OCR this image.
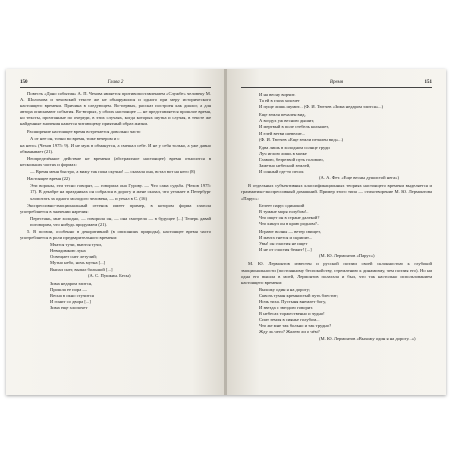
150	Глава 2

Повесть «Дано события» А. П. Чехова является противопоставлением «Службе» человеку М. А. Шолохова и чеховский тексте же не обнаружился и одного при меру исторического настоящего времени. Причина в следующем. Во-первых, рассказ построен как диалог, а для автора описывают события. Во-вторых, у обоих настоящее — не представляется прошлое время, но тексты, прочтанные по очереди, в этих случаях, когда которых шутка и случая, в тексте же найденные значения кажется читающему приятный образ жизни.

Расширение настоящее время встречается довольно часто

А от нее он, точно во время, тоже вечером и с

на него» (Чехов 1975: 9). И не муж в обманутся, а смешал себе. И не у себя только, а уже давно обманывает (21).

Неопределённое действие не времени (абстрактное настоящее) время относится в нескольких частях и формах:

— Время меня быстро, а вижу так пока скучно! — сказала она, встал вот на него (8)

Настоящее время (22)

Эти вороны, эти тесно говорят, — говорила она Гурову. — Что сама судьба. (Чехов 1975: 17). В декабре на праздниках он собрался в дорогу и жене сказал, что уезжает в Петербург хлопотать за одного молодого человека, — и уехал в С. (16)

Экспрессивно-эмоциональный оттенок имеет пример, в котором форма глагола употребляется в значении наречия:

Перестань, мне холодно, — говорила он, — она смотрела — в будущее [...] Теперь давай поговорим, что нибудь придумаем (21).

5. В поэзии, особенно в декоративной (в описаниях природы), настоящее время часто употребляется в роли предварительного времени:

Мчатся тучи, вьются тучи,
Невидимкою луна
Освещает снег летучий;
Мутно небо, ночь мутна [...]
Выпал снег, выпал большой [...]
(А. С. Пушкин. Бесы)
Зима недаром злится,
Прошла ее пора —
Весна в окно стучится
И гонит со двора [...]
Зима еще хлопочет
Время	151
И на весну ворчит.
Та ей в глаза хохочет
И пуще лишь шумит... (Ф. И. Тютчев «Зима недаром злится»...)
Еще земля печален вид,
А воздух уж весною дышит,
И мертвый в поле стебель колышет,
И елей ветви шевелит...
(Ф. И. Тютчев «Еще земли печален вид»...)
Едва лишь в холодном солнце груди
Луч иглою лишь в мазке
Главою, безрезвой путь головою,
Заметно небесной землей,
И сонный где-то песок
(А. А. Фет. «Еще весны душистой нега»)

В отдельных субъективных классификационных теориях настоящего времени выделяется и грамматико-экспрессивный домашний. Пример этого типа — стихотворение М. Ю. Лермонтова «Парус»:

Белеет парус одинокий
В тумане моря голубом!..
Что ищет он в стране далекой?
Что кинул он в краю родном?..
Играют волны — ветер свищет,
И мачта гнется и скрипит...
Увы! он счастия не ищет
И не от счастия бежит! [...]
(М. Ю. Лермонтов «Парус»)

М. Ю. Лермонтов известен и русской поэзии своей склонностью к глубокой эмоциональности (постоянному беспокойству, стремлению к динамизму, чем поэзия его). Но ни одна его вышла в моей, Лермонтов полагала и был, что так настолько использованием настоящего времени:

Выхожу один я на дорогу;
Сквозь туман кремнистый путь блестит;
Ночь тиха. Пустыня внемлет богу,
И звезда с звездою говорит.
В небесах торжественно и чудно!
Спит земля в сиянье голубом...
Что же мне так больно и так трудно?
Жду ль чего? Жалею ли о чём?
(М. Ю. Лермонтов «Выхожу один я на дорогу...»)
